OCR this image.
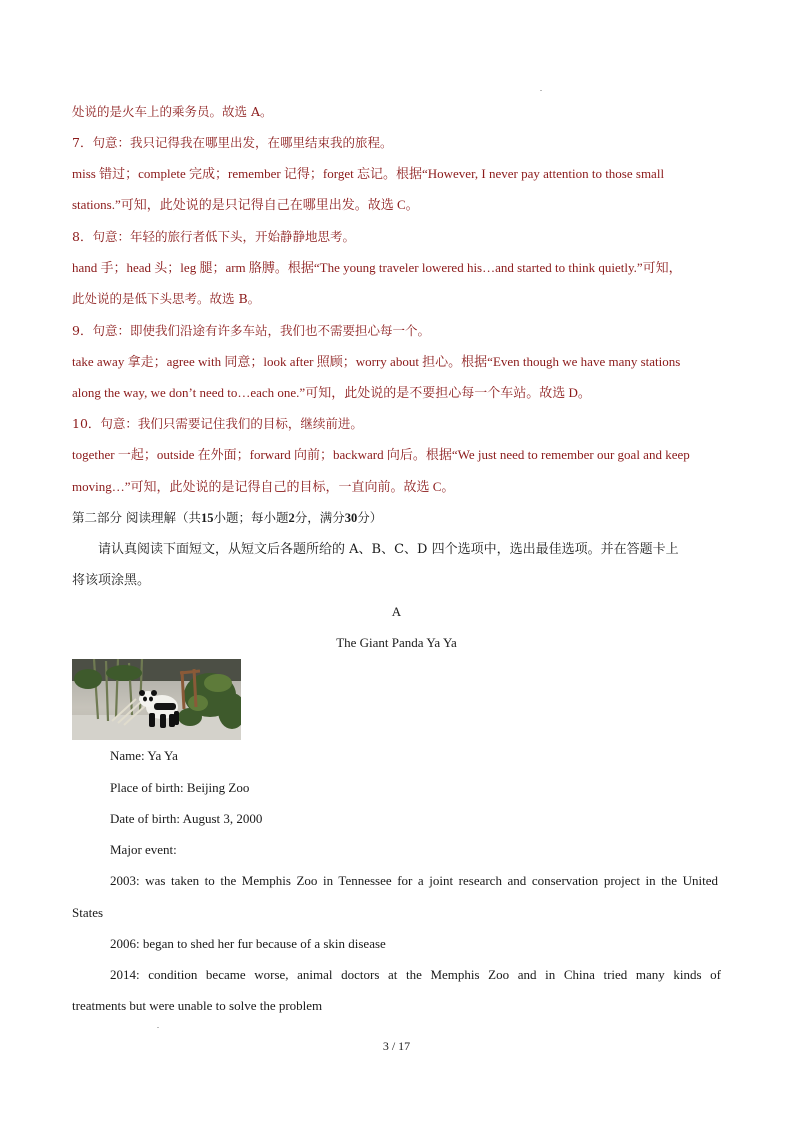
处说的是火车上的乘务员。故选 A。
7．句意：我只记得我在哪里出发，在哪里结束我的旅程。
miss 错过；complete 完成；remember 记得；forget 忘记。根据“However, I never pay attention to those small
stations.”可知，此处说的是只记得自己在哪里出发。故选 C。
8．句意：年轻的旅行者低下头，开始静静地思考。
hand 手；head 头；leg 腿；arm 胳膊。根据“The young traveler lowered his…and started to think quietly.”可知，
此处说的是低下头思考。故选 B。
9．句意：即使我们沿途有许多车站，我们也不需要担心每一个。
take away 拿走；agree with 同意；look after 照顾；worry about 担心。根据“Even though we have many stations
along the way, we don’t need to…each one.”可知，此处说的是不要担心每一个车站。故选 D。
10．句意：我们只需要记住我们的目标，继续前进。
together 一起；outside 在外面；forward 向前；backward 向后。根据“We just need to remember our goal and keep
moving…”可知，此处说的是记得自己的目标，一直向前。故选 C。
第二部分 阅读理解（共15小题；每小题2分，满分30分）
请认真阅读下面短文，从短文后各题所给的 A、B、C、D 四个选项中，选出最佳选项。并在答题卡上
将该项涂黑。
A
The Giant Panda Ya Ya
Name: Ya Ya
Place of birth: Beijing Zoo
Date of birth: August 3, 2000
Major event:
2003: was taken to the Memphis Zoo in Tennessee for a joint research and conservation project in the United
States
2006: began to shed her fur because of a skin disease
2014: condition became worse, animal doctors at the Memphis Zoo and in China tried many kinds of
treatments but were unable to solve the problem
3 / 17
